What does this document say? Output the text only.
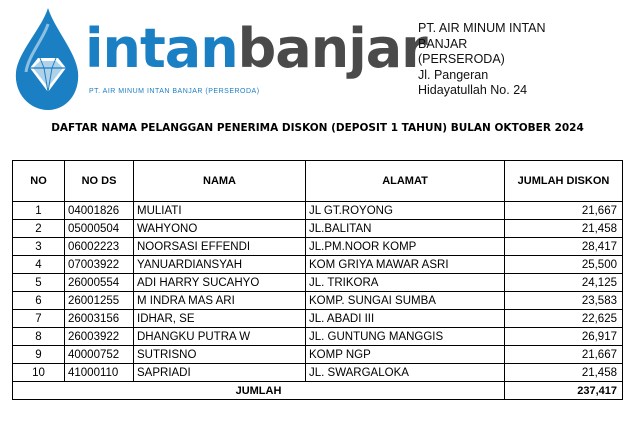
intanbanjar
PT. AIR MINUM INTAN BANJAR (PERSERODA)
PT. AIR MINUM INTAN
BANJAR
(PERSERODA)
Jl. Pangeran
Hidayatullah No. 24
DAFTAR NAMA PELANGGAN PENERIMA DISKON (DEPOSIT 1 TAHUN) BULAN OKTOBER 2024
NO	NO DS	NAMA	ALAMAT	JUMLAH DISKON
1	04001826	MULIATI	JL GT.ROYONG	21,667
2	05000504	WAHYONO	JL.BALITAN	21,458
3	06002223	NOORSASI EFFENDI	JL.PM.NOOR KOMP	28,417
4	07003922	YANUARDIANSYAH	KOM GRIYA MAWAR ASRI	25,500
5	26000554	ADI HARRY SUCAHYO	JL. TRIKORA	24,125
6	26001255	M INDRA MAS ARI	KOMP. SUNGAI SUMBA	23,583
7	26003156	IDHAR, SE	JL. ABADI III	22,625
8	26003922	DHANGKU PUTRA W	JL. GUNTUNG MANGGIS	26,917
9	40000752	SUTRISNO	KOMP NGP	21,667
10	41000110	SAPRIADI	JL. SWARGALOKA	21,458
JUMLAH				237,417
